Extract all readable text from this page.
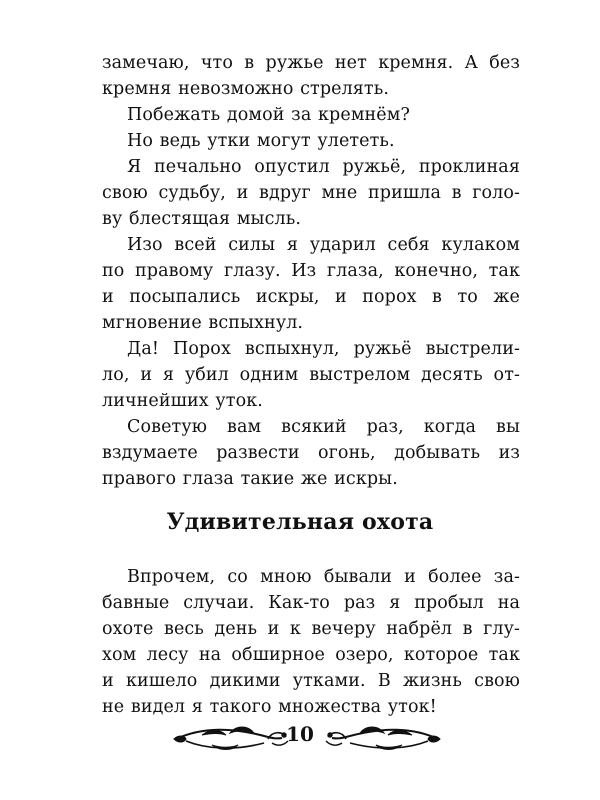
замечаю, что в ружье нет кремня. А без
кремня невозможно стрелять.
Побежать домой за кремнём?
Но ведь утки могут улететь.
Я печально опустил ружьё, проклиная
свою судьбу, и вдруг мне пришла в голо-
ву блестящая мысль.
Изо всей силы я ударил себя кулаком
по правому глазу. Из глаза, конечно, так
и посыпались искры, и порох в то же
мгновение вспыхнул.
Да! Порох вспыхнул, ружьё выстрели-
ло, и я убил одним выстрелом десять от-
личнейших уток.
Советую вам всякий раз, когда вы
вздумаете развести огонь, добывать из
правого глаза такие же искры.
Удивительная охота
Впрочем, со мною бывали и более за-
бавные случаи. Как-то раз я пробыл на
охоте весь день и к вечеру набрёл в глу-
хом лесу на обширное озеро, которое так
и кишело дикими утками. В жизнь свою
не видел я такого множества уток!
10
